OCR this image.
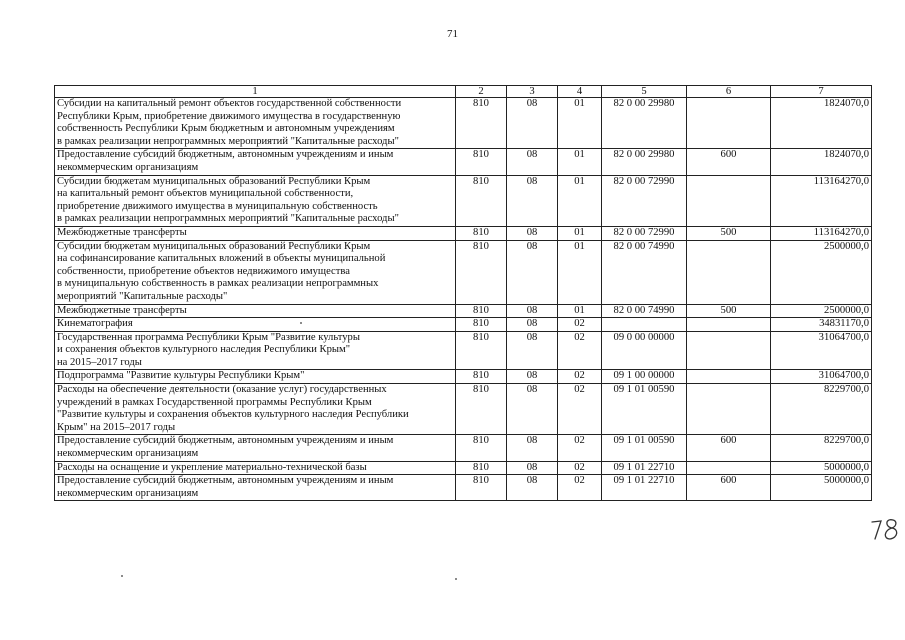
71
1	2	3	4	5	6	7
Субсидии на капитальный ремонт объектов государственной собственности
Республики Крым, приобретение движимого имущества в государственную
собственность Республики Крым бюджетным и автономным учреждениям
в рамках реализации непрограммных мероприятий "Капитальные расходы"	810	08	01	82 0 00 29980		1824070,0
Предоставление субсидий бюджетным, автономным учреждениям и иным
некоммерческим организациям	810	08	01	82 0 00 29980	600	1824070,0
Субсидии бюджетам муниципальных образований Республики Крым
на капитальный ремонт объектов муниципальной собственности,
приобретение движимого имущества в муниципальную собственность
в рамках реализации непрограммных мероприятий "Капитальные расходы"	810	08	01	82 0 00 72990		113164270,0
Межбюджетные трансферты	810	08	01	82 0 00 72990	500	113164270,0
Субсидии бюджетам муниципальных образований Республики Крым
на софинансирование капитальных вложений в объекты муниципальной
собственности, приобретение объектов недвижимого имущества
в муниципальную собственность в рамках реализации непрограммных
мероприятий "Капитальные расходы"	810	08	01	82 0 00 74990		2500000,0
Межбюджетные трансферты	810	08	01	82 0 00 74990	500	2500000,0
Кинематография	810	08	02			34831170,0
Государственная программа Республики Крым "Развитие культуры
и сохранения объектов культурного наследия Республики Крым"
на 2015–2017 годы	810	08	02	09 0 00 00000		31064700,0
Подпрограмма "Развитие культуры Республики Крым"	810	08	02	09 1 00 00000		31064700,0
Расходы на обеспечение деятельности (оказание услуг) государственных
учреждений в рамках Государственной программы Республики Крым
"Развитие культуры и сохранения объектов культурного наследия Республики
Крым" на 2015–2017 годы	810	08	02	09 1 01 00590		8229700,0
Предоставление субсидий бюджетным, автономным учреждениям и иным
некоммерческим организациям	810	08	02	09 1 01 00590	600	8229700,0
Расходы на оснащение и укрепление материально-технической базы	810	08	02	09 1 01 22710		5000000,0
Предоставление субсидий бюджетным, автономным учреждениям и иным
некоммерческим организациям	810	08	02	09 1 01 22710	600	5000000,0
